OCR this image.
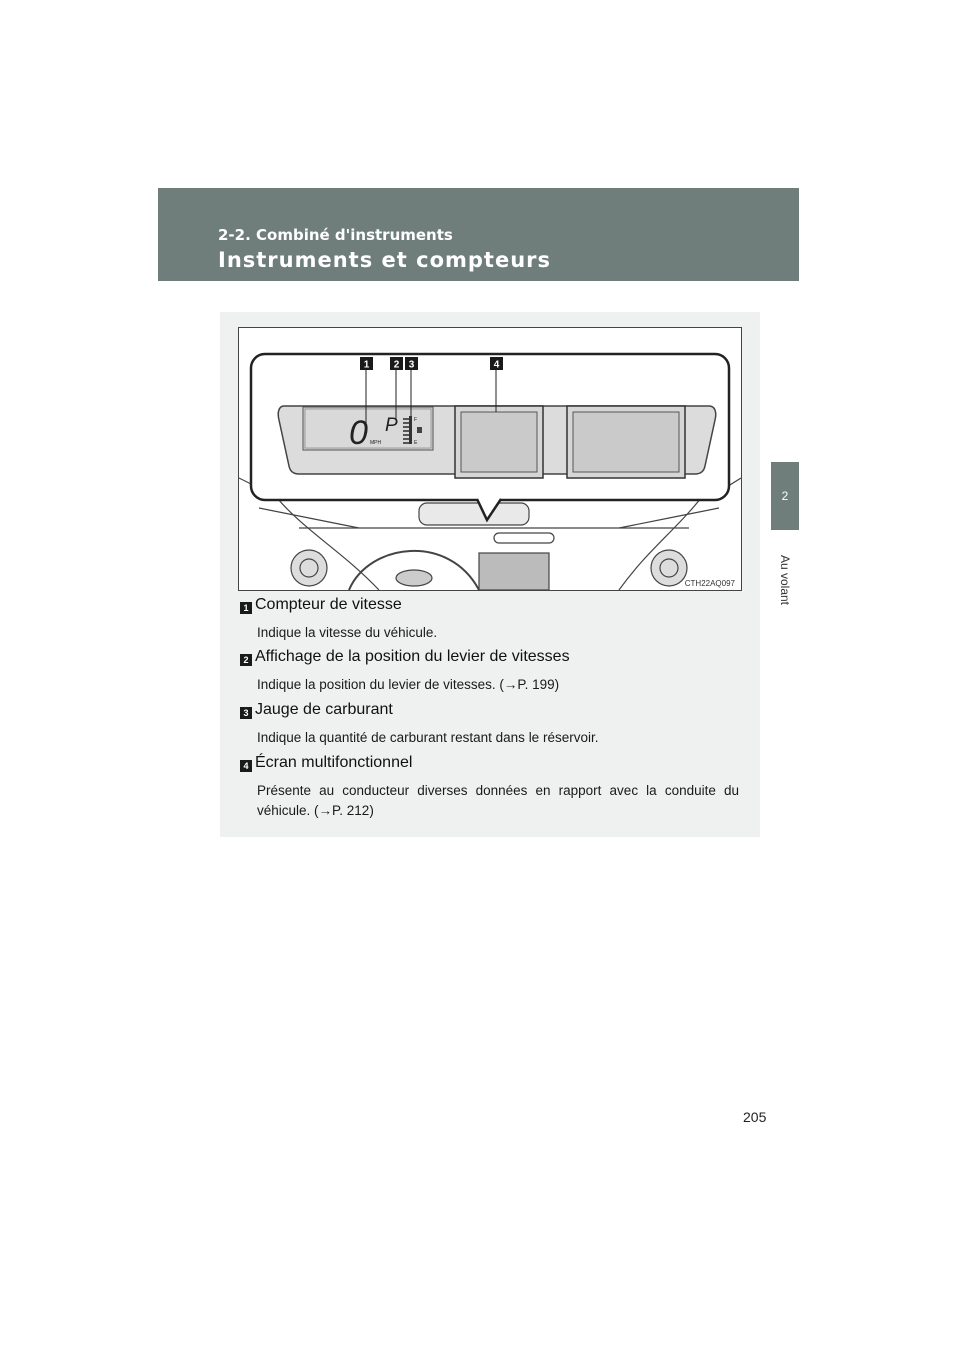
2-2. Combiné d'instruments
Instruments et compteurs
2
Au volant
1 2 3	4
0 MPH
P	F
E
CTH22AQ097
1 Compteur de vitesse
Indique la vitesse du véhicule.
2 Affichage de la position du levier de vitesses
Indique la position du levier de vitesses. (→P. 199)
3 Jauge de carburant
Indique la quantité de carburant restant dans le réservoir.
4 Écran multifonctionnel
Présente au conducteur diverses données en rapport avec la conduite du véhicule. (→P. 212)
205
